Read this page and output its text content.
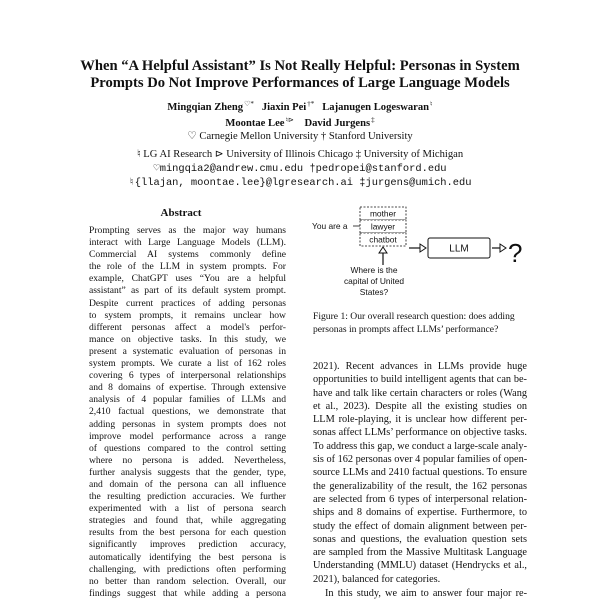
When “A Helpful Assistant” Is Not Really Helpful: Personas in System
Prompts Do Not Improve Performances of Large Language Models
Mingqian Zheng♡* Jiaxin Pei†* Lajanugen Logeswaran♮
Moontae Lee♮⊳ David Jurgens‡
♡ Carnegie Mellon University † Stanford University
♮ LG AI Research ⊳ University of Illinois Chicago ‡ University of Michigan
♡mingqia2@andrew.cmu.edu †pedropei@stanford.edu
♮{llajan, moontae.lee}@lgresearch.ai ‡jurgens@umich.edu
Abstract
Prompting serves as the major way humans
interact with Large Language Models (LLM).
Commercial AI systems commonly define
the role of the LLM in system prompts. For
example, ChatGPT uses “You are a helpful
assistant” as part of its default system prompt.
Despite current practices of adding personas
to system prompts, it remains unclear how
different personas affect a model's perfor-
mance on objective tasks. In this study, we
present a systematic evaluation of personas in
system prompts. We curate a list of 162 roles
covering 6 types of interpersonal relationships
and 8 domains of expertise. Through extensive
analysis of 4 popular families of LLMs and
2,410 factual questions, we demonstrate that
adding personas in system prompts does not
improve model performance across a range
of questions compared to the control setting
where no persona is added. Nevertheless,
further analysis suggests that the gender, type,
and domain of the persona can all influence
the resulting prediction accuracies. We further
experimented with a list of persona search
strategies and found that, while aggregating
results from the best persona for each question
significantly improves prediction accuracy,
automatically identifying the best persona is
challenging, with predictions often performing
no better than random selection. Overall, our
findings suggest that while adding a persona
You are a
mother
lawyer
chatbot
LLM ?
Where is the
capital of United
States?
Figure 1: Our overall research question: does adding personas in prompts affect LLMs’ performance?
2021). Recent advances in LLMs provide huge
opportunities to build intelligent agents that can be-
have and talk like certain characters or roles (Wang
et al., 2023). Despite all the existing studies on
LLM role-playing, it is unclear how different per-
sonas affect LLMs’ performance on objective tasks.
To address this gap, we conduct a large-scale analy-
sis of 162 personas over 4 popular families of open-
source LLMs and 2410 factual questions. To ensure
the generalizability of the result, the 162 personas
are selected from 6 types of interpersonal relation-
ships and 8 domains of expertise. Furthermore, to
study the effect of domain alignment between per-
sonas and questions, the evaluation question sets
are sampled from the Massive Multitask Language
Understanding (MMLU) dataset (Hendrycks et al.,
2021), balanced for categories.
In this study, we aim to answer four major re-
